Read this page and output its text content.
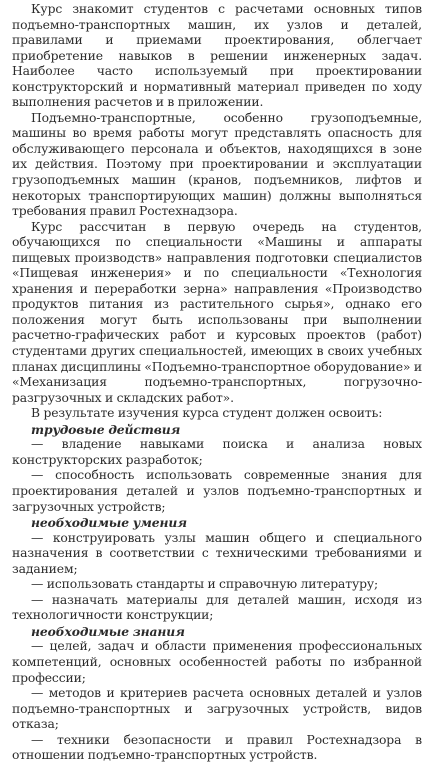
Курс знакомит студентов с расчетами основных типов подъемно-транспортных машин, их узлов и деталей, правилами и приемами проектирования, облегчает приобретение навыков в решении инженерных задач. Наиболее часто используемый при проектировании конструкторский и нормативный материал приведен по ходу выполнения расчетов и в приложении.

Подъемно-транспортные, особенно грузоподъемные, машины во время работы могут представлять опасность для обслуживающего персонала и объектов, находящихся в зоне их действия. Поэтому при проектировании и эксплуатации грузоподъемных машин (кранов, подъемников, лифтов и некоторых транспортирующих машин) должны выполняться требования правил Ростехнадзора.

Курс рассчитан в первую очередь на студентов, обучающихся по специальности «Машины и аппараты пищевых производств» направления подготовки специалистов «Пищевая инженерия» и по специальности «Технология хранения и переработки зерна» направления «Производство продуктов питания из растительного сырья», однако его положения могут быть использованы при выполнении расчетно-графических работ и курсовых проектов (работ) студентами других специальностей, имеющих в своих учебных планах дисциплины «Подъемно-транспортное оборудование» и «Механизация подъемно-транспортных, погрузочно-разгрузочных и складских работ».

В результате изучения курса студент должен освоить:

трудовые действия

— владение навыками поиска и анализа новых конструкторских разработок;

— способность использовать современные знания для проектирования деталей и узлов подъемно-транспортных и загрузочных устройств;

необходимые умения

— конструировать узлы машин общего и специального назначения в соответствии с техническими требованиями и заданием;

— использовать стандарты и справочную литературу;

— назначать материалы для деталей машин, исходя из технологичности конструкции;

необходимые знания

— целей, задач и области применения профессиональных компетенций, основных особенностей работы по избранной профессии;

— методов и критериев расчета основных деталей и узлов подъемно-транспортных и загрузочных устройств, видов отказа;

— техники безопасности и правил Ростехнадзора в отношении подъемно-транспортных устройств.
